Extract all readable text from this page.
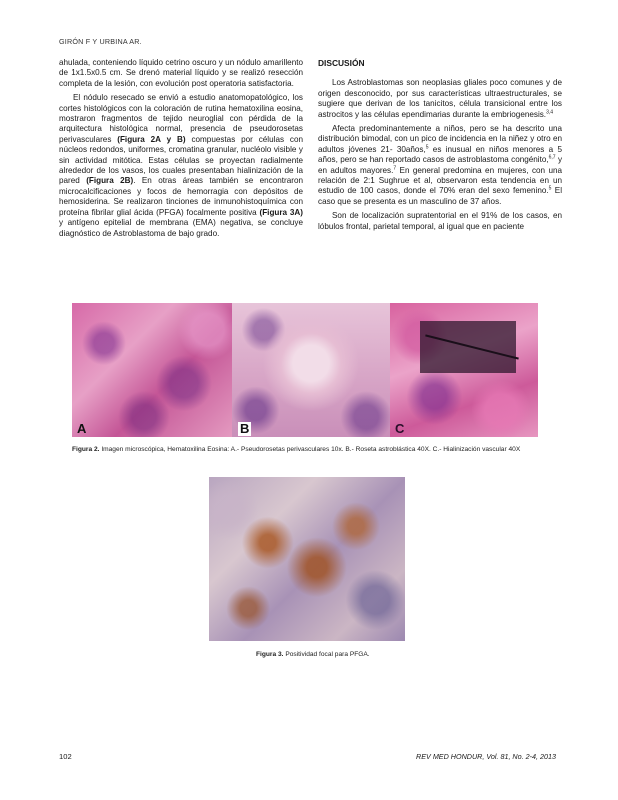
GIRÓN F Y URBINA AR.

ahulada, conteniendo líquido cetrino oscuro y un nódulo amarillento de 1x1.5x0.5 cm. Se drenó material líquido y se realizó resección completa de la lesión, con evolución post operatoria satisfactoria.

El nódulo resecado se envió a estudio anatomopatológico, los cortes histológicos con la coloración de rutina hematoxilina eosina, mostraron fragmentos de tejido neuroglial con pérdida de la arquitectura histológica normal, presencia de pseudorosetas perivasculares (Figura 2A y B) compuestas por células con núcleos redondos, uniformes, cromatina granular, nucléolo visible y sin actividad mitótica. Estas células se proyectan radialmente alrededor de los vasos, los cuales presentaban hialinización de la pared (Figura 2B). En otras áreas también se encontraron microcalcificaciones y focos de hemorragia con depósitos de hemosiderina. Se realizaron tinciones de inmunohistoquímica con proteína fibrilar glial ácida (PFGA) focalmente positiva (Figura 3A) y antígeno epitelial de membrana (EMA) negativa, se concluye diagnóstico de Astroblastoma de bajo grado.

DISCUSIÓN

Los Astroblastomas son neoplasias gliales poco comunes y de origen desconocido, por sus características ultraestructurales, se sugiere que derivan de los tanicitos, célula transicional entre los astrocitos y las células ependimarias durante la embriogenesis.$^{3,4}$

Afecta predominantemente a niños, pero se ha descrito una distribución bimodal, con un pico de incidencia en la niñez y otro en adultos jóvenes 21- 30años,$^5$ es inusual en niños menores a 5 años, pero se han reportado casos de astroblastoma congénito,$^{6,7}$ y en adultos mayores.$^7$ En general predomina en mujeres, con una relación de 2:1 Sughrue et al, observaron esta tendencia en un estudio de 100 casos, donde el 70% eran del sexo femenino.$^5$ El caso que se presenta es un masculino de 37 años.

Son de localización supratentorial en el 91% de los casos, en lóbulos frontal, parietal temporal, al igual que en paciente

A	B	C
Figura 2. Imagen microscópica, Hematoxilina Eosina: A.- Pseudorosetas perivasculares 10x. B.- Roseta astroblástica 40X. C.- Hialinización vascular 40X
Figura 3. Positividad focal para PFGA.
102	REV MED HONDUR, Vol. 81, No. 2-4, 2013
